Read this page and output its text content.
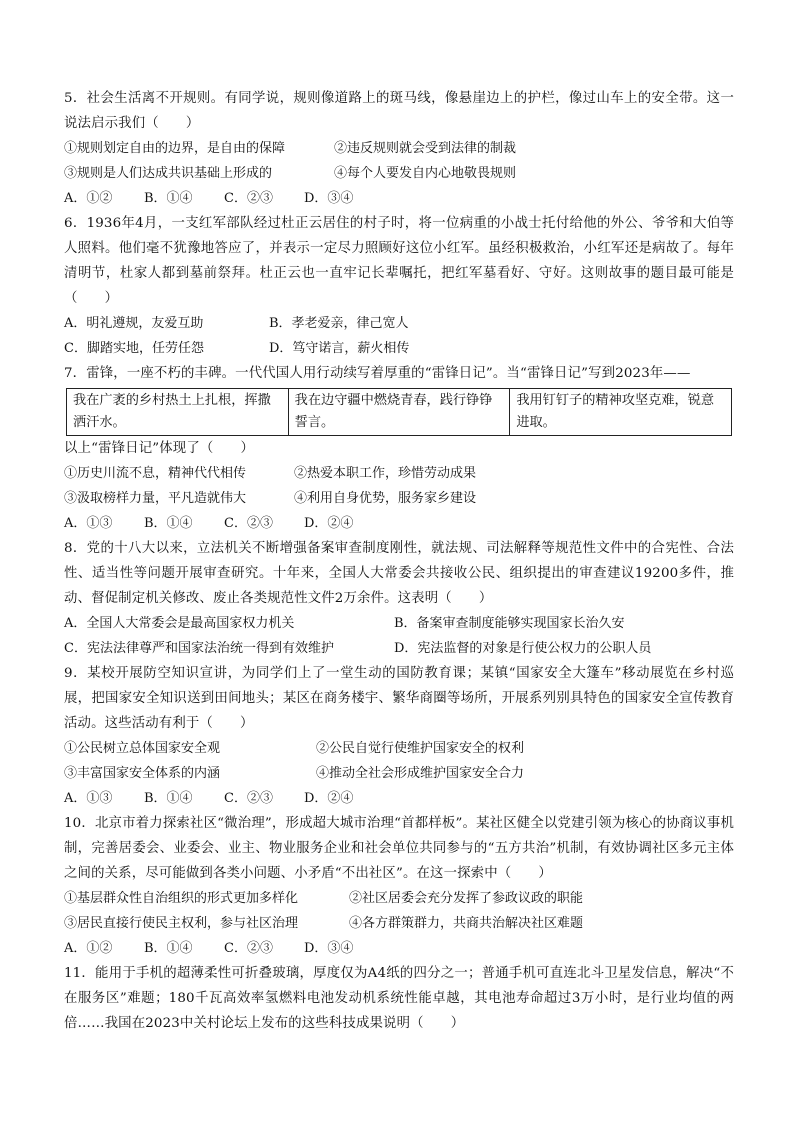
5．社会生活离不开规则。有同学说，规则像道路上的斑马线，像悬崖边上的护栏，像过山车上的安全带。这一说法启示我们（　　）
①规则划定自由的边界，是自由的保障	②违反规则就会受到法律的制裁
③规则是人们达成共识基础上形成的	④每个人要发自内心地敬畏规则
A．①②	B．①④	C．②③	D．③④
6．1936年4月，一支红军部队经过杜正云居住的村子时，将一位病重的小战士托付给他的外公、爷爷和大伯等人照料。他们毫不犹豫地答应了，并表示一定尽力照顾好这位小红军。虽经积极救治，小红军还是病故了。每年清明节，杜家人都到墓前祭拜。杜正云也一直牢记长辈嘱托，把红军墓看好、守好。这则故事的题目最可能是（　　）
A．明礼遵规，友爱互助	B．孝老爱亲，律己宽人
C．脚踏实地，任劳任怨	D．笃守诺言，薪火相传
7．雷锋，一座不朽的丰碑。一代代国人用行动续写着厚重的“雷锋日记”。当“雷锋日记”写到2023年——
我在广袤的乡村热土上扎根，挥撒洒汗水。	我在边守疆中燃烧青春，践行铮铮誓言。	我用钉钉子的精神攻坚克难，锐意进取。
以上“雷锋日记”体现了（　　）
①历史川流不息，精神代代相传	②热爱本职工作，珍惜劳动成果
③汲取榜样力量，平凡造就伟大	④利用自身优势，服务家乡建设
A．①③	B．①④	C．②③	D．②④
8．党的十八大以来，立法机关不断增强备案审查制度刚性，就法规、司法解释等规范性文件中的合宪性、合法性、适当性等问题开展审查研究。十年来，全国人大常委会共接收公民、组织提出的审查建议19200多件，推动、督促制定机关修改、废止各类规范性文件2万余件。这表明（　　）
A．全国人大常委会是最高国家权力机关	B．备案审查制度能够实现国家长治久安
C．宪法法律尊严和国家法治统一得到有效维护	D．宪法监督的对象是行使公权力的公职人员
9．某校开展防空知识宣讲，为同学们上了一堂生动的国防教育课；某镇“国家安全大篷车”移动展览在乡村巡展，把国家安全知识送到田间地头；某区在商务楼宇、繁华商圈等场所，开展系列别具特色的国家安全宣传教育活动。这些活动有利于（　　）
①公民树立总体国家安全观	②公民自觉行使维护国家安全的权利
③丰富国家安全体系的内涵	④推动全社会形成维护国家安全合力
A．①③	B．①④	C．②③	D．②④
10．北京市着力探索社区“微治理”，形成超大城市治理“首都样板”。某社区健全以党建引领为核心的协商议事机制，完善居委会、业委会、业主、物业服务企业和社会单位共同参与的“五方共治”机制，有效协调社区多元主体之间的关系，尽可能做到各类小问题、小矛盾“不出社区”。在这一探索中（　　）
①基层群众性自治组织的形式更加多样化	②社区居委会充分发挥了参政议政的职能
③居民直接行使民主权利，参与社区治理	④各方群策群力，共商共治解决社区难题
A．①②	B．①④	C．②③	D．③④
11．能用于手机的超薄柔性可折叠玻璃，厚度仅为A4纸的四分之一；普通手机可直连北斗卫星发信息，解决“不在服务区”难题；180千瓦高效率氢燃料电池发动机系统性能卓越，其电池寿命超过3万小时，是行业均值的两倍……我国在2023中关村论坛上发布的这些科技成果说明（　　）
